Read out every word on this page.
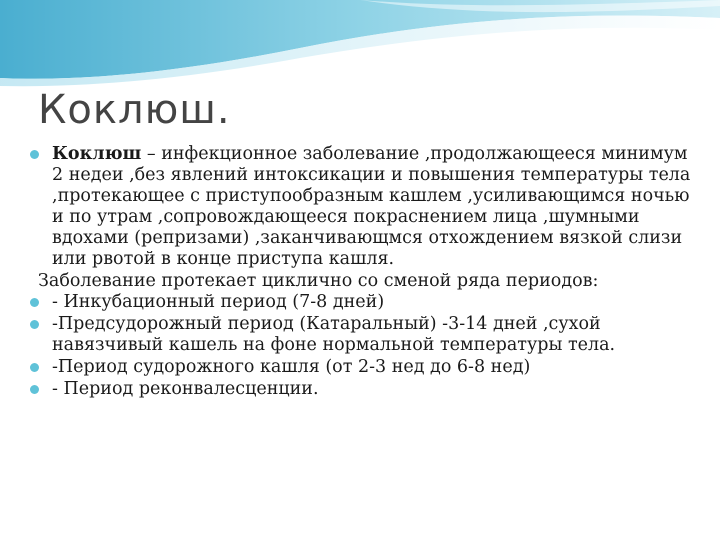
Коклюш.
Коклюш – инфекционное заболевание ,продолжающееся минимум 2 недеи ,без явлений интоксикации и повышения температуры тела ,протекающее с приступообразным кашлем ,усиливающимся ночью и по утрам ,сопровождающееся покраснением лица ,шумными вдохами (репризами) ,заканчивающмся отхождением вязкой слизи или рвотой в конце приступа кашля.
Заболевание протекает циклично со сменой ряда периодов:
- Инкубационный период (7-8 дней)
-Предсудорожный период (Катаральный) -3-14 дней ,сухой навязчивый кашель на фоне нормальной температуры тела.
-Период судорожного кашля (от 2-3 нед до 6-8 нед)
- Период реконвалесценции.
